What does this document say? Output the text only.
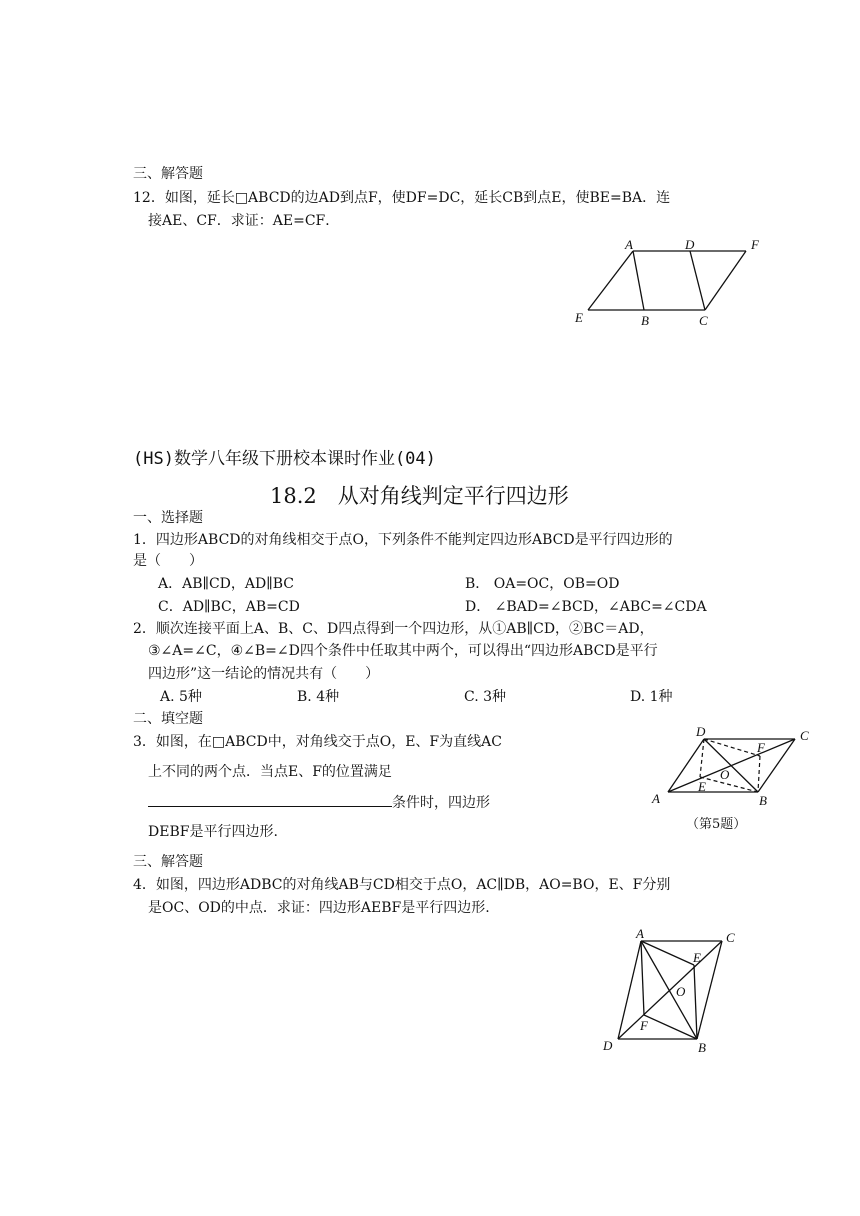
三、解答题
12．如图，延长□ABCD的边AD到点F，使DF=DC，延长CB到点E，使BE=BA．连
接AE、CF．求证：AE=CF．
A	D	F
E	B	C
(HS)数学八年级下册校本课时作业(04)
18.2　从对角线判定平行四边形
一、选择题
1．四边形ABCD的对角线相交于点O，下列条件不能判定四边形ABCD是平行四边形的
是（　　）
A．AB∥CD，AD∥BC	B． OA=OC，OB=OD
C．AD∥BC，AB=CD	D． ∠BAD=∠BCD，∠ABC=∠CDA
2．顺次连接平面上A、B、C、D四点得到一个四边形，从①AB∥CD，②BC＝AD，
③∠A=∠C，④∠B=∠D四个条件中任取其中两个，可以得出“四边形ABCD是平行
四边形”这一结论的情况共有（　　）
A. 5种	B. 4种	C. 3种	D. 1种
二、填空题
3．如图，在□ABCD中，对角线交于点O，E、F为直线AC
上不同的两个点．当点E、F的位置满足
条件时，四边形
DEBF是平行四边形.
D	C
F
O
E
A	B
（第5题）
三、解答题
4．如图，四边形ADBC的对角线AB与CD相交于点O，AC∥DB，AO=BO，E、F分别
是OC、OD的中点．求证：四边形AEBF是平行四边形.
A	C
E
O
F
D	B
